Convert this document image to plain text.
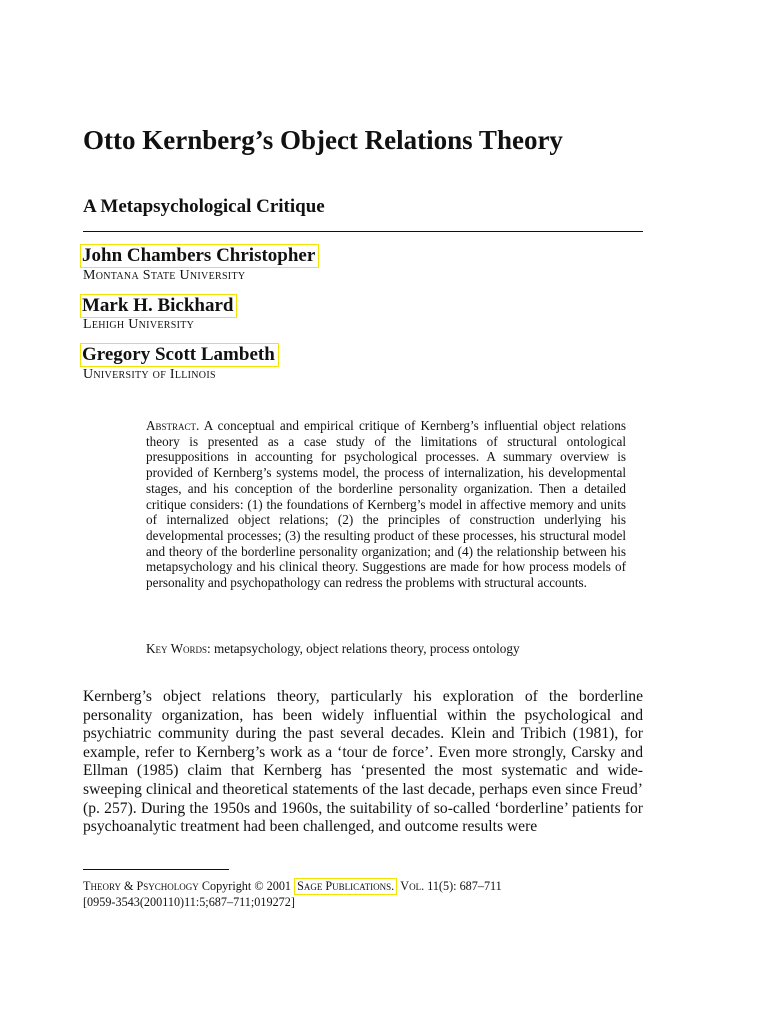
Otto Kernberg’s Object Relations Theory
A Metapsychological Critique
John Chambers Christopher
Montana State University
Mark H. Bickhard
Lehigh University
Gregory Scott Lambeth
University of Illinois

Abstract. A conceptual and empirical critique of Kernberg’s influential object relations theory is presented as a case study of the limitations of structural ontological presuppositions in accounting for psychological processes. A summary overview is provided of Kernberg’s systems model, the process of internalization, his developmental stages, and his conception of the borderline personality organization. Then a detailed critique considers: (1) the foundations of Kernberg’s model in affective memory and units of internalized object relations; (2) the principles of construction underlying his developmental processes; (3) the resulting product of these processes, his structural model and theory of the borderline personality organization; and (4) the relationship between his metapsychology and his clinical theory. Suggestions are made for how process models of personality and psychopathology can redress the problems with structural accounts.

Key Words: metapsychology, object relations theory, process ontology

Kernberg’s object relations theory, particularly his exploration of the borderline personality organization, has been widely influential within the psychological and psychiatric community during the past several decades. Klein and Tribich (1981), for example, refer to Kernberg’s work as a ‘tour de force’. Even more strongly, Carsky and Ellman (1985) claim that Kernberg has ‘presented the most systematic and wide-sweeping clinical and theoretical statements of the last decade, perhaps even since Freud’ (p. 257). During the 1950s and 1960s, the suitability of so-called ‘borderline’ patients for psychoanalytic treatment had been challenged, and outcome results were

Theory & Psychology Copyright © 2001 Sage Publications. Vol. 11(5): 687–711
[0959-3543(200110)11:5;687–711;019272]
